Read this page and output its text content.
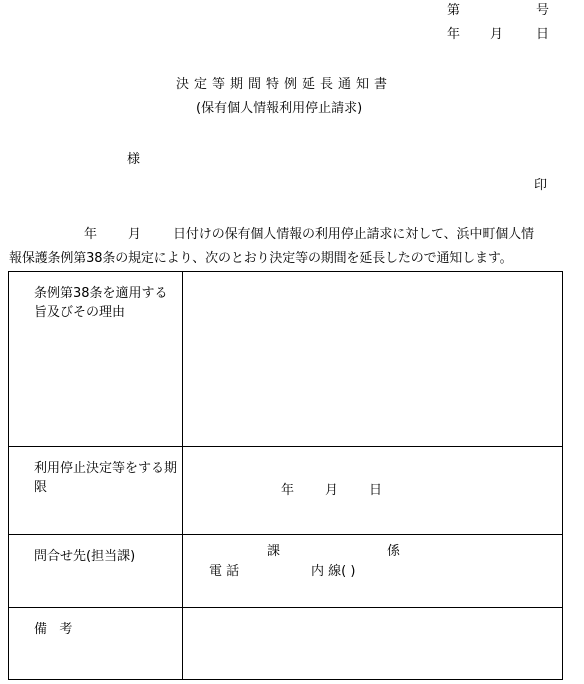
第	号
年 月	日
決定等期間特例延長通知書
(保有個人情報利用停止請求)
様
印
年 月 日付けの保有個人情報の利用停止請求に対して、浜中町個人情
報保護条例第38条の規定により、次のとおり決定等の期間を延長したので通知します。
条例第38条を適用する旨及びその理由	

利用停止決定等をする期限	年 月 日

問合せ先(担当課)	課 係
電 話 内 線( )

備   考	
